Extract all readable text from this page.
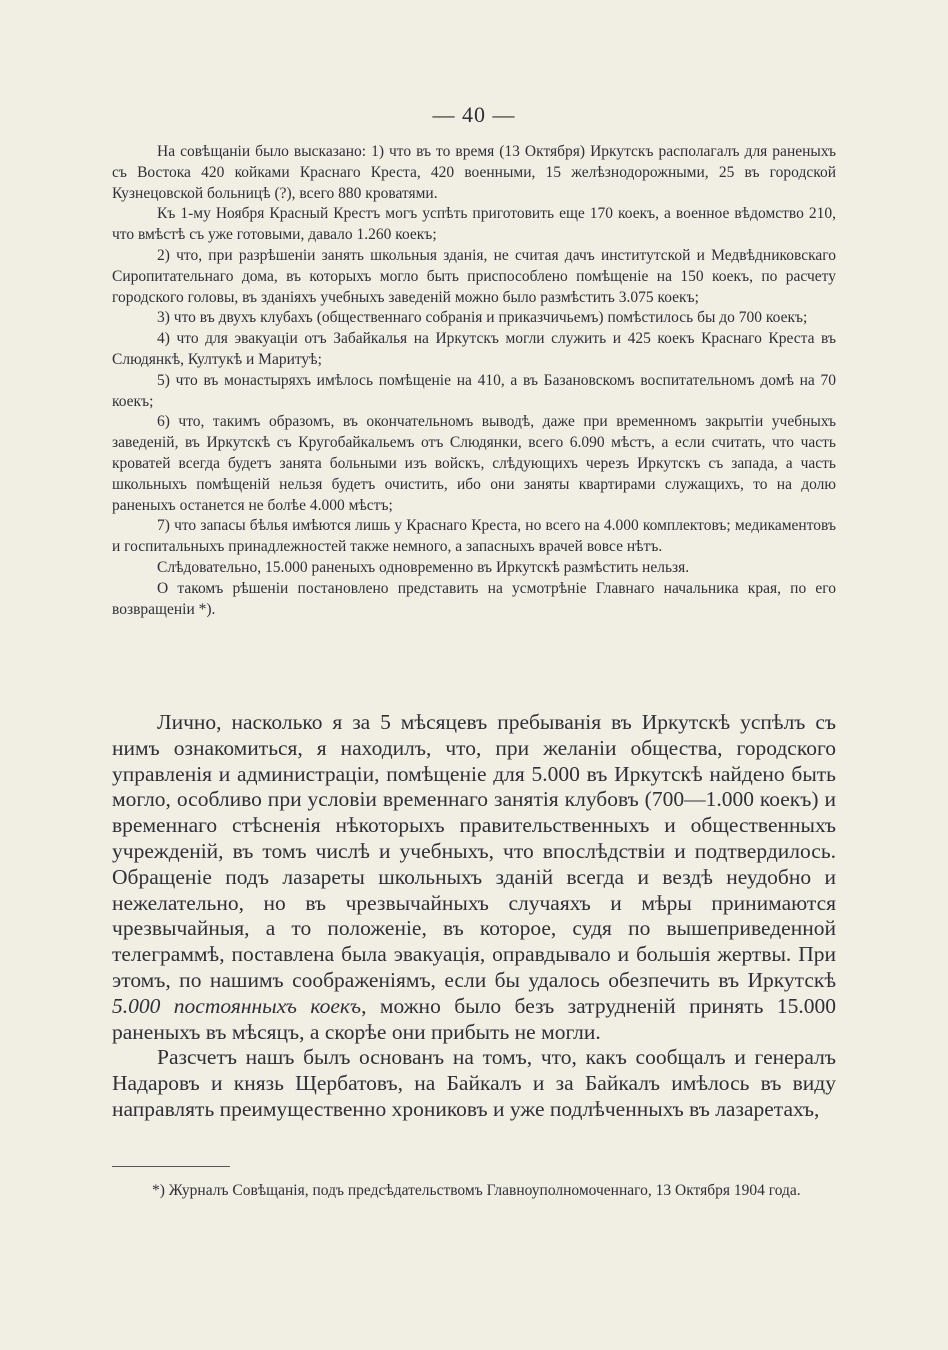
— 40 —

На совѣщаніи было высказано: 1) что въ то время (13 Октября) Иркутскъ располагалъ для раненыхъ съ Востока 420 койками Краснаго Креста, 420 военными, 15 желѣзнодорожными, 25 въ городской Кузнецовской больницѣ (?), всего 880 кроватями.

Къ 1-му Ноября Красный Крестъ могъ успѣть приготовить еще 170 коекъ, а военное вѣдомство 210, что вмѣстѣ съ уже готовыми, давало 1.260 коекъ;

2) что, при разрѣшеніи занять школьныя зданія, не считая дачъ институтской и Медвѣдниковскаго Сиропитательнаго дома, въ которыхъ могло быть приспособлено помѣщеніе на 150 коекъ, по расчету городского головы, въ зданіяхъ учебныхъ заведеній можно было размѣстить 3.075 коекъ;

3) что въ двухъ клубахъ (общественнаго собранія и приказчичьемъ) помѣстилось бы до 700 коекъ;

4) что для эвакуаціи отъ Забайкалья на Иркутскъ могли служить и 425 коекъ Краснаго Креста въ Слюдянкѣ, Култукѣ и Маритуѣ;

5) что въ монастыряхъ имѣлось помѣщеніе на 410, а въ Базановскомъ воспитательномъ домѣ на 70 коекъ;

6) что, такимъ образомъ, въ окончательномъ выводѣ, даже при временномъ закрытіи учебныхъ заведеній, въ Иркутскѣ съ Кругобайкальемъ отъ Слюдянки, всего 6.090 мѣстъ, а если считать, что часть кроватей всегда будетъ занята больными изъ войскъ, слѣдующихъ черезъ Иркутскъ съ запада, а часть школьныхъ помѣщеній нельзя будетъ очистить, ибо они заняты квартирами служащихъ, то на долю раненыхъ останется не болѣе 4.000 мѣстъ;

7) что запасы бѣлья имѣются лишь у Краснаго Креста, но всего на 4.000 комплектовъ; медикаментовъ и госпитальныхъ принадлежностей также немного, а запасныхъ врачей вовсе нѣтъ.

Слѣдовательно, 15.000 раненыхъ одновременно въ Иркутскѣ размѣстить нельзя.

О такомъ рѣшеніи постановлено представить на усмотрѣніе Главнаго начальника края, по его возвращеніи *).

Лично, насколько я за 5 мѣсяцевъ пребыванія въ Иркутскѣ успѣлъ съ нимъ ознакомиться, я находилъ, что, при желаніи общества, городского управленія и администраціи, помѣщеніе для 5.000 въ Иркутскѣ найдено быть могло, особливо при условіи временнаго занятія клубовъ (700—1.000 коекъ) и временнаго стѣсненія нѣкоторыхъ правительственныхъ и общественныхъ учрежденій, въ томъ числѣ и учебныхъ, что впослѣдствіи и подтвердилось. Обращеніе подъ лазареты школьныхъ зданій всегда и вездѣ неудобно и нежелательно, но въ чрезвычайныхъ случаяхъ и мѣры принимаются чрезвычайныя, а то положеніе, въ которое, судя по вышеприведенной телеграммѣ, поставлена была эвакуація, оправдывало и большія жертвы. При этомъ, по нашимъ соображеніямъ, если бы удалось обезпечить въ Иркутскѣ 5.000 постоянныхъ коекъ, можно было безъ затрудненій принять 15.000 раненыхъ въ мѣсяцъ, а скорѣе они прибыть не могли.

Разсчетъ нашъ былъ основанъ на томъ, что, какъ сообщалъ и генералъ Надаровъ и князь Щербатовъ, на Байкалъ и за Байкалъ имѣлось въ виду направлять преимущественно хрониковъ и уже подлѣченныхъ въ лазаретахъ,

*) Журналъ Совѣщанія, подъ предсѣдательствомъ Главноуполномоченнаго, 13 Октября 1904 года.
